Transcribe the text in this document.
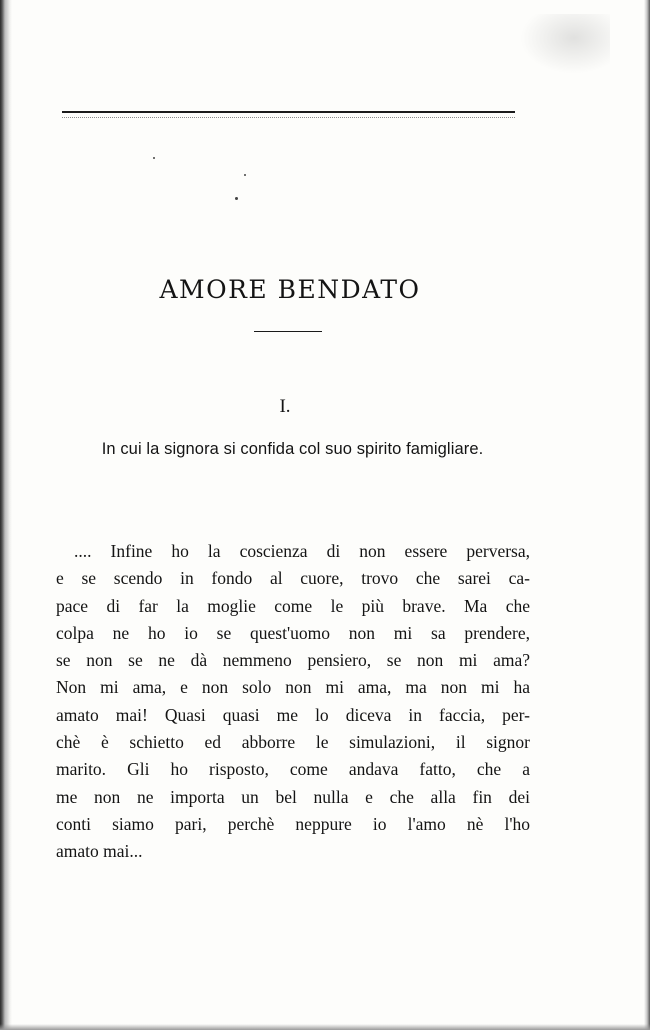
AMORE BENDATO
I.
In cui la signora si confida col suo spirito famigliare.
.... Infine ho la coscienza di non essere perversa,
e se scendo in fondo al cuore, trovo che sarei ca-
pace di far la moglie come le più brave. Ma che
colpa ne ho io se quest'uomo non mi sa prendere,
se non se ne dà nemmeno pensiero, se non mi ama?
Non mi ama, e non solo non mi ama, ma non mi ha
amato mai! Quasi quasi me lo diceva in faccia, per-
chè è schietto ed abborre le simulazioni, il signor
marito. Gli ho risposto, come andava fatto, che a
me non ne importa un bel nulla e che alla fin dei
conti siamo pari, perchè neppure io l'amo nè l'ho
amato mai...
